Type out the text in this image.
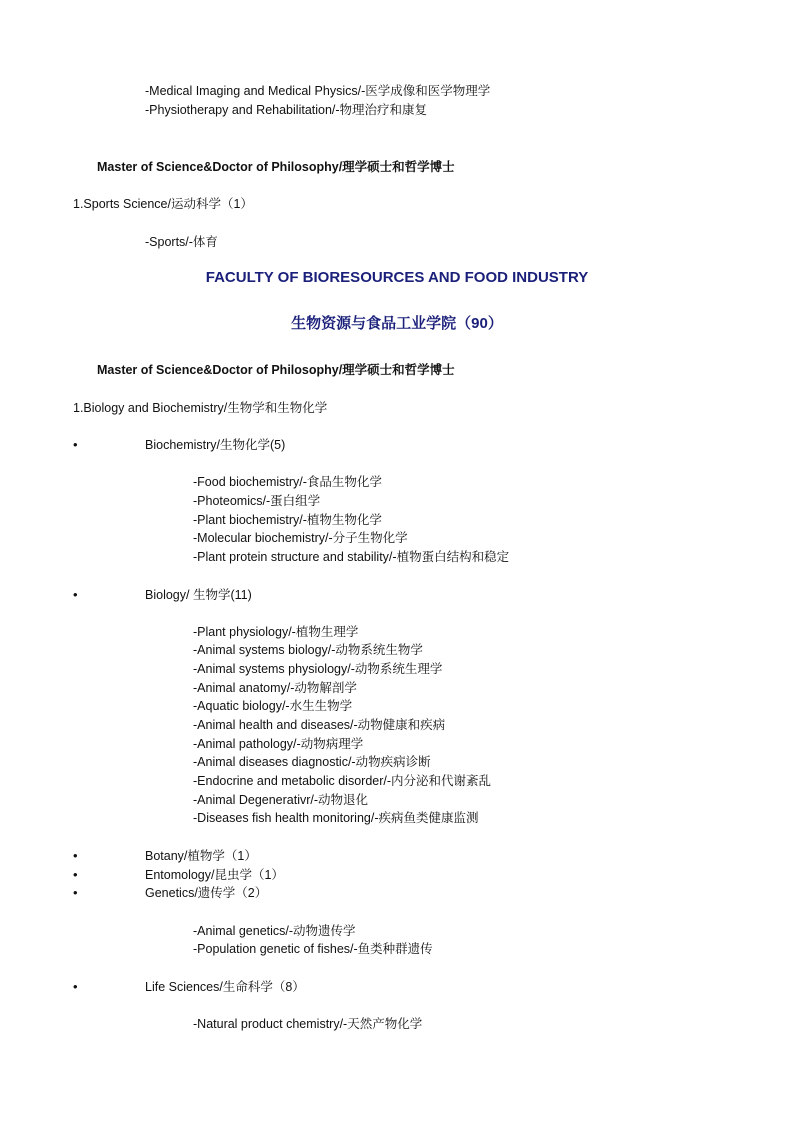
-Medical Imaging and Medical Physics/-医学成像和医学物理学
-Physiotherapy and Rehabilitation/-物理治疗和康复
Master of Science&Doctor of Philosophy/理学硕士和哲学博士
1.Sports Science/运动科学（1）
-Sports/-体育
FACULTY OF BIORESOURCES AND FOOD INDUSTRY
生物资源与食品工业学院（90）
Master of Science&Doctor of Philosophy/理学硕士和哲学博士
1.Biology and Biochemistry/生物学和生物化学
•	Biochemistry/生物化学(5)
-Food biochemistry/-食品生物化学
-Photeomics/-蛋白组学
-Plant biochemistry/-植物生物化学
-Molecular biochemistry/-分子生物化学
-Plant protein structure and stability/-植物蛋白结构和稳定
•	Biology/ 生物学(11)
-Plant physiology/-植物生理学
-Animal systems biology/-动物系统生物学
-Animal systems physiology/-动物系统生理学
-Animal anatomy/-动物解剖学
-Aquatic biology/-水生生物学
-Animal health and diseases/-动物健康和疾病
-Animal pathology/-动物病理学
-Animal diseases diagnostic/-动物疾病诊断
-Endocrine and metabolic disorder/-内分泌和代谢紊乱
-Animal Degenerativr/-动物退化
-Diseases fish health monitoring/-疾病鱼类健康监测
•	Botany/植物学（1）
•	Entomology/昆虫学（1）
•	Genetics/遗传学（2）
-Animal genetics/-动物遗传学
-Population genetic of fishes/-鱼类种群遗传
•	Life Sciences/生命科学（8）
-Natural product chemistry/-天然产物化学
